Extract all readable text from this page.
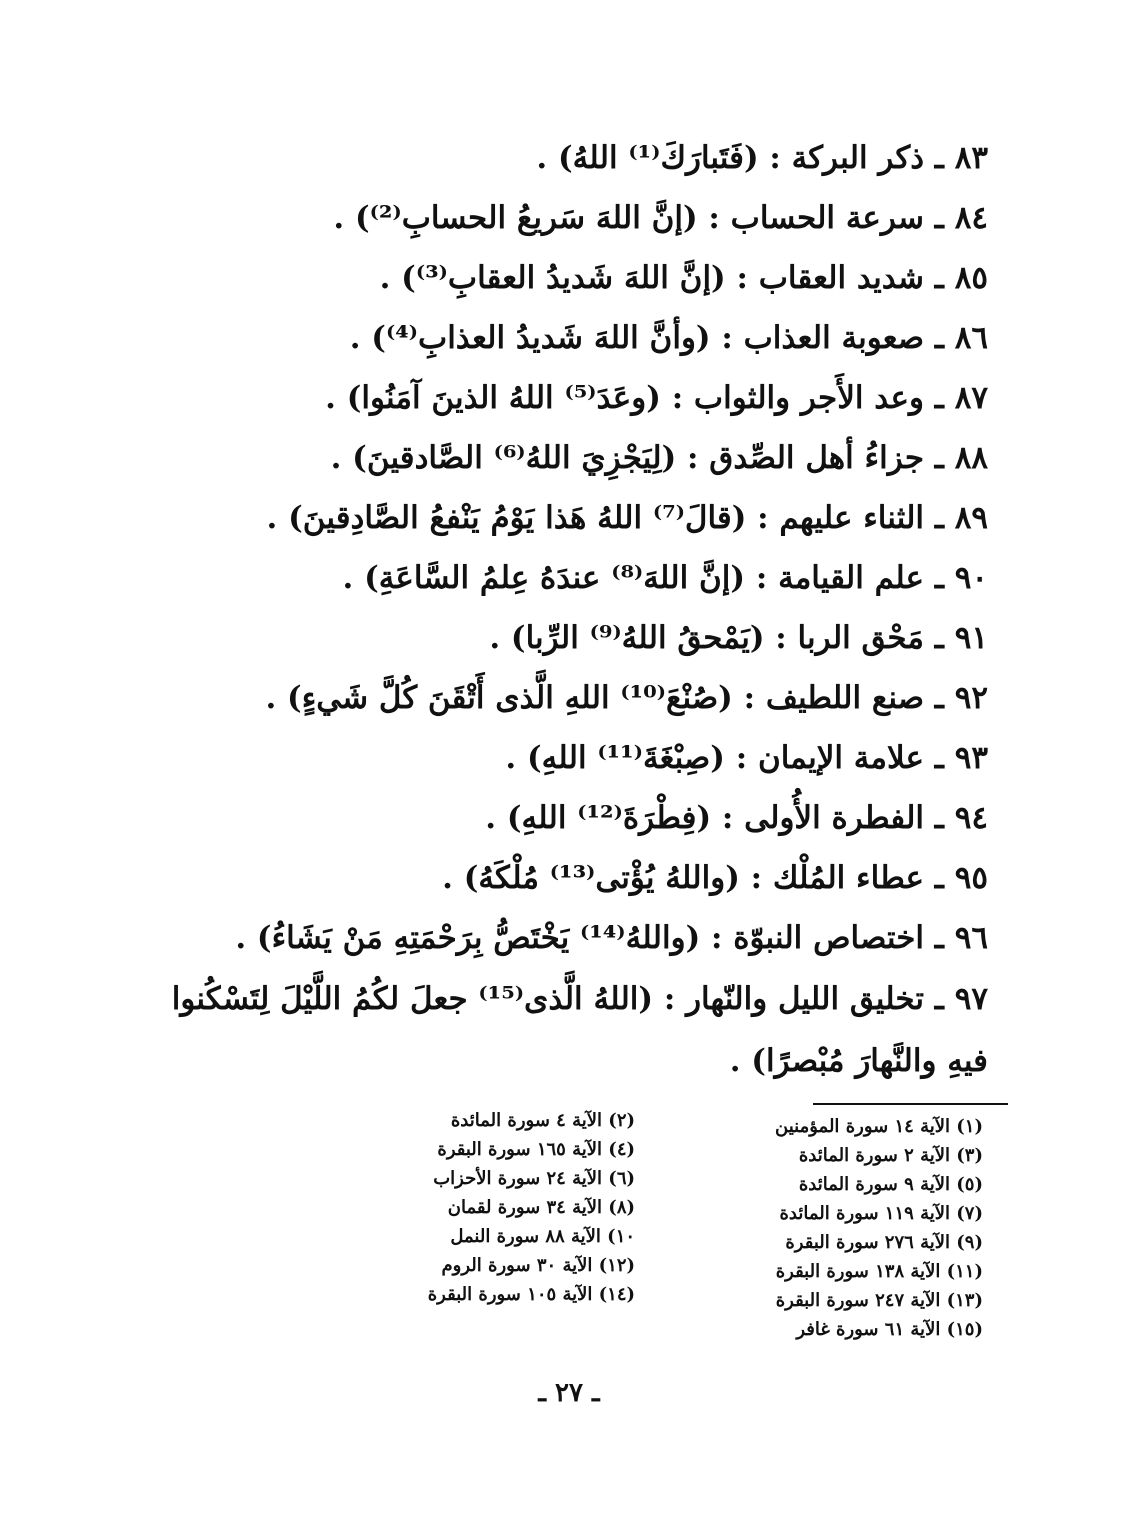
٨٣ ـ ذكر البركة : (فَتَبارَكَ⁽¹⁾ اللهُ) .
٨٤ ـ سرعة الحساب : (إنَّ اللهَ سَريعُ الحسابِ⁽²⁾) .
٨٥ ـ شديد العقاب : (إنَّ اللهَ شَديدُ العقابِ⁽³⁾) .
٨٦ ـ صعوبة العذاب : (وأنَّ اللهَ شَديدُ العذابِ⁽⁴⁾) .
٨٧ ـ وعد الأَجر والثواب : (وعَدَ⁽⁵⁾ اللهُ الذينَ آمَنُوا) .
٨٨ ـ جزاءُ أهل الصِّدق : (لِيَجْزِيَ اللهُ⁽⁶⁾ الصَّادقينَ) .
٨٩ ـ الثناء عليهم : (قالَ⁽⁷⁾ اللهُ هَذا يَوْمُ يَنْفعُ الصَّادِقينَ) .
٩٠ ـ علم القيامة : (إنَّ اللهَ⁽⁸⁾ عندَهُ عِلمُ السَّاعَةِ) .
٩١ ـ مَحْق الربا : (يَمْحقُ اللهُ⁽⁹⁾ الرِّبا) .
٩٢ ـ صنع اللطيف : (صُنْعَ⁽¹⁰⁾ اللهِ الَّذى أَتْقَنَ كُلَّ شَيءٍ) .
٩٣ ـ علامة الإيمان : (صِبْغَةَ⁽¹¹⁾ اللهِ) .
٩٤ ـ الفطرة الأُولى : (فِطْرَةَ⁽¹²⁾ اللهِ) .
٩٥ ـ عطاء المُلْك : (واللهُ يُؤْتى⁽¹³⁾ مُلْكَهُ) .
٩٦ ـ اختصاص النبوّة : (واللهُ⁽¹⁴⁾ يَخْتَصُّ بِرَحْمَتِهِ مَنْ يَشَاءُ) .
٩٧ ـ تخليق الليل والنّهار : (اللهُ الَّذى⁽¹⁵⁾ جعلَ لكُمُ اللَّيْلَ لِتَسْكُنوا فيهِ والنَّهارَ مُبْصرًا) .
(١) الآية ١٤ سورة المؤمنين
(٣) الآية ٢ سورة المائدة
(٥) الآية ٩ سورة المائدة
(٧) الآية ١١٩ سورة المائدة
(٩) الآية ٢٧٦ سورة البقرة
(١١) الآية ١٣٨ سورة البقرة
(١٣) الآية ٢٤٧ سورة البقرة
(١٥) الآية ٦١ سورة غافر
(٢) الآية ٤ سورة المائدة
(٤) الآية ١٦٥ سورة البقرة
(٦) الآية ٢٤ سورة الأحزاب
(٨) الآية ٣٤ سورة لقمان
١٠) الآية ٨٨ سورة النمل
(١٢) الآية ٣٠ سورة الروم
(١٤) الآية ١٠٥ سورة البقرة
ـ ٢٧ ـ
